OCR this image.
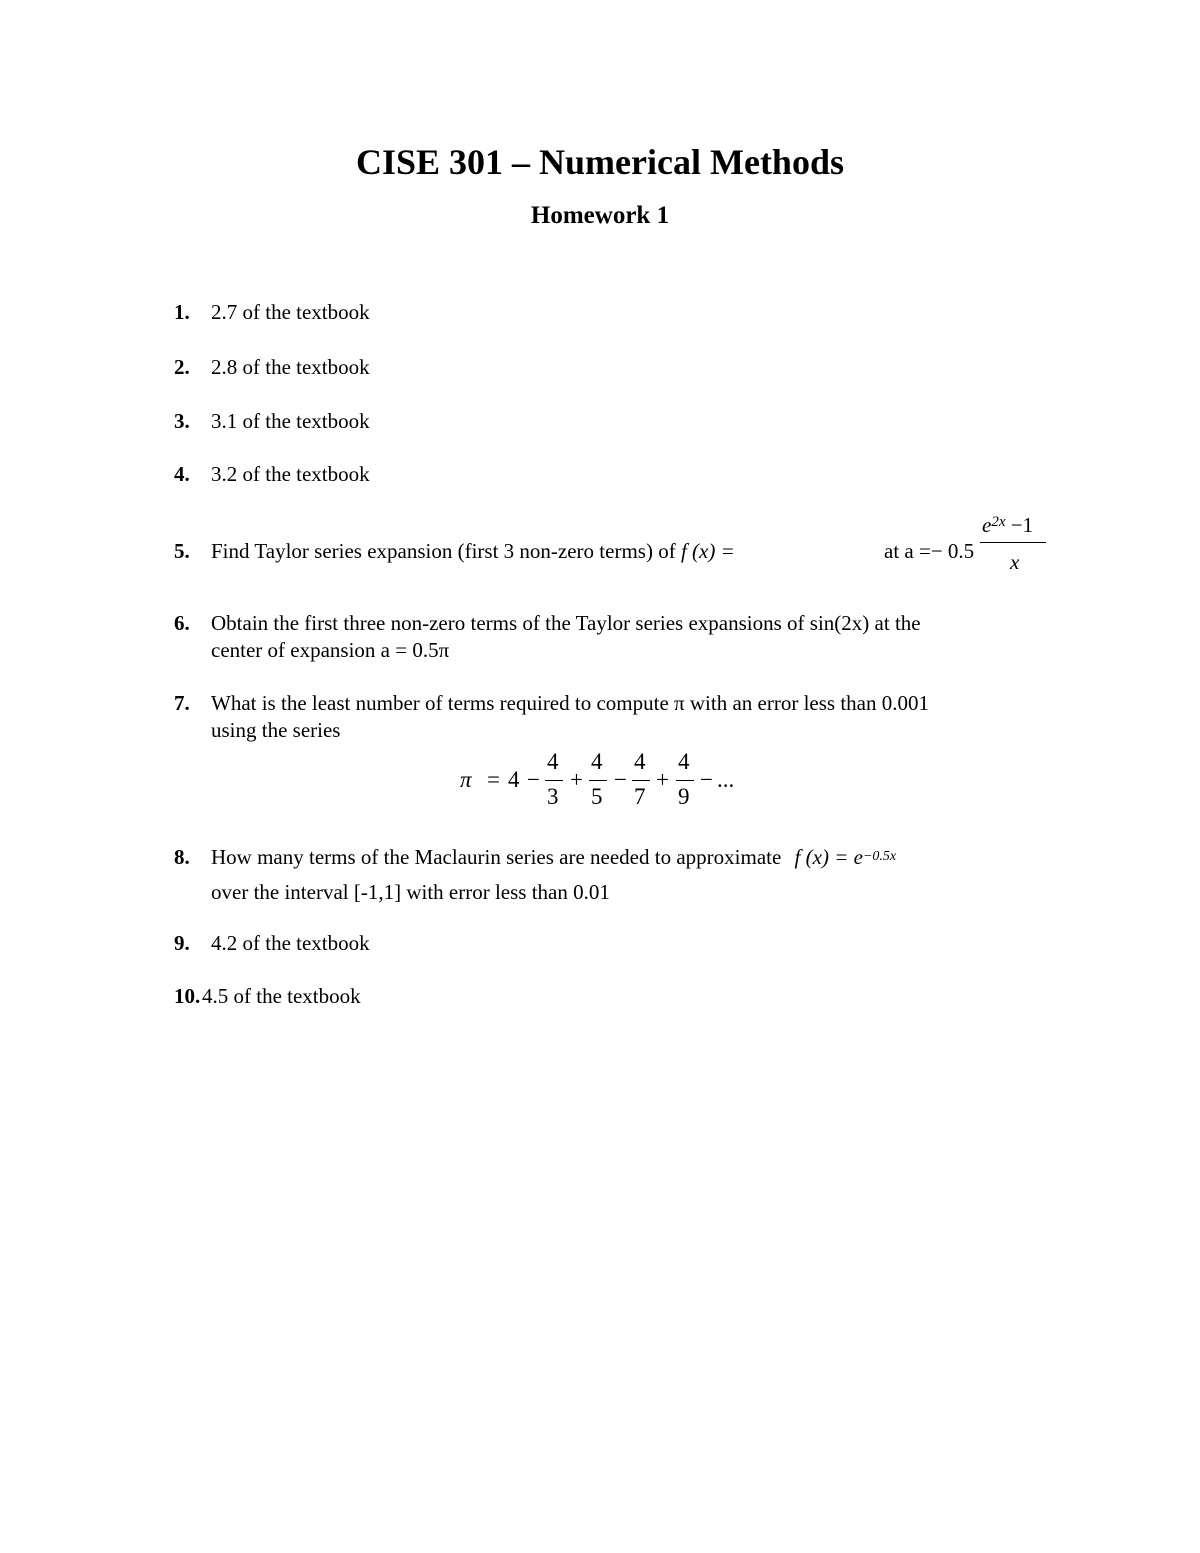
CISE 301 – Numerical Methods
Homework 1
1. 2.7 of the textbook
2. 2.8 of the textbook
3. 3.1 of the textbook
4. 3.2 of the textbook
5. Find Taylor series expansion (first 3 non-zero terms) of f (x) =
$e^{2x} -1$
x
at a =− 0.5
6. Obtain the first three non-zero terms of the Taylor series expansions of sin(2x) at the
center of expansion a = 0.5π
7. What is the least number of terms required to compute π with an error less than 0.001
using the series
π = 4 −
4
3
+
4
5
−
4
7
+
4
9
− ...
8. How many terms of the Maclaurin series are needed to approximate f $(x) = e^{-0.5x}$
over the interval [-1,1] with error less than 0.01
9. 4.2 of the textbook
10. 4.5 of the textbook
